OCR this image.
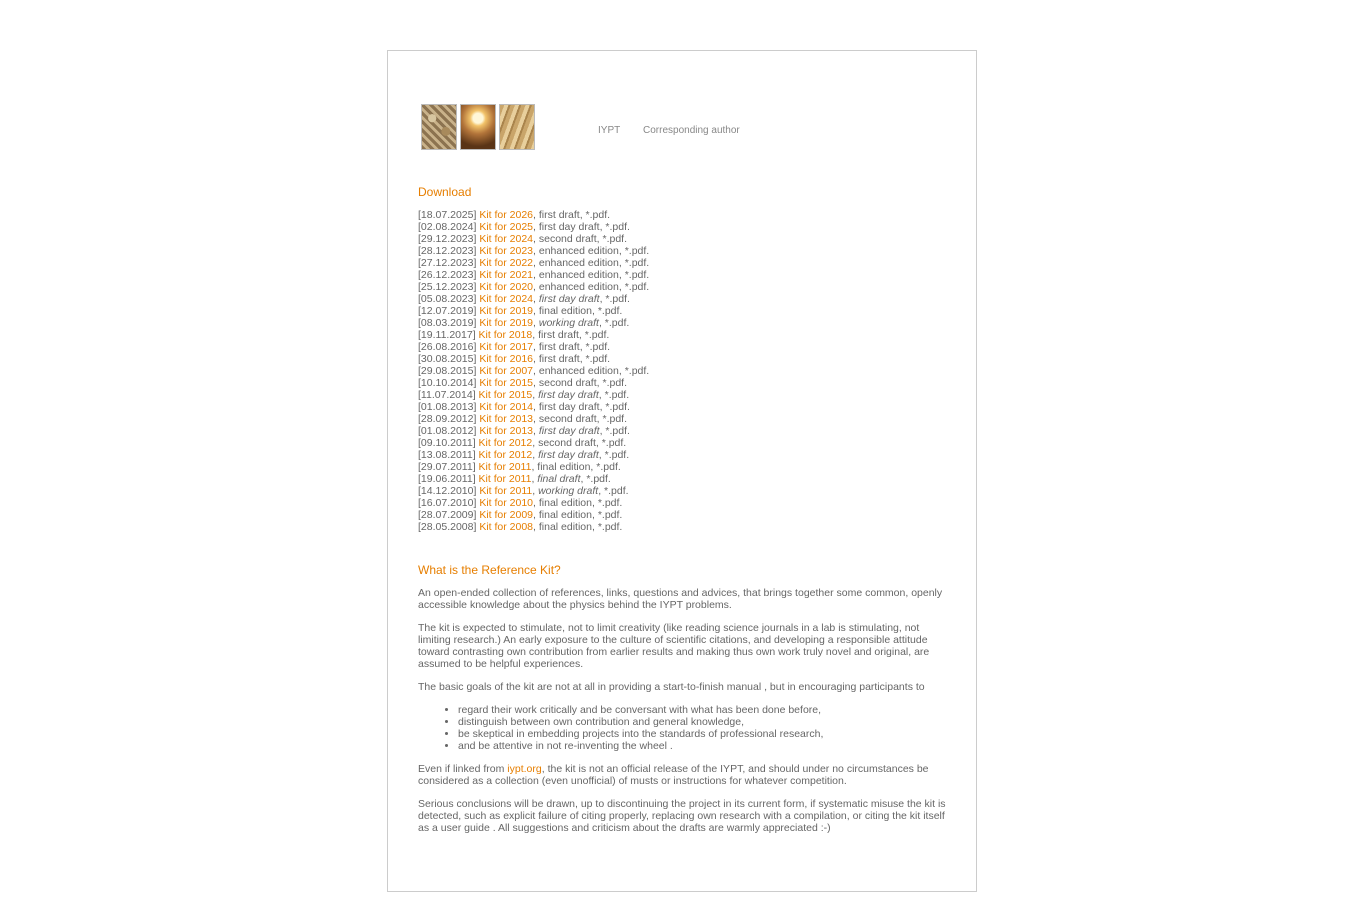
IYPT Corresponding author
Download
[18.07.2025] Kit for 2026, first draft, *.pdf.
[02.08.2024] Kit for 2025, first day draft, *.pdf.
[29.12.2023] Kit for 2024, second draft, *.pdf.
[28.12.2023] Kit for 2023, enhanced edition, *.pdf.
[27.12.2023] Kit for 2022, enhanced edition, *.pdf.
[26.12.2023] Kit for 2021, enhanced edition, *.pdf.
[25.12.2023] Kit for 2020, enhanced edition, *.pdf.
[05.08.2023] Kit for 2024, first day draft, *.pdf.
[12.07.2019] Kit for 2019, final edition, *.pdf.
[08.03.2019] Kit for 2019, working draft, *.pdf.
[19.11.2017] Kit for 2018, first draft, *.pdf.
[26.08.2016] Kit for 2017, first draft, *.pdf.
[30.08.2015] Kit for 2016, first draft, *.pdf.
[29.08.2015] Kit for 2007, enhanced edition, *.pdf.
[10.10.2014] Kit for 2015, second draft, *.pdf.
[11.07.2014] Kit for 2015, first day draft, *.pdf.
[01.08.2013] Kit for 2014, first day draft, *.pdf.
[28.09.2012] Kit for 2013, second draft, *.pdf.
[01.08.2012] Kit for 2013, first day draft, *.pdf.
[09.10.2011] Kit for 2012, second draft, *.pdf.
[13.08.2011] Kit for 2012, first day draft, *.pdf.
[29.07.2011] Kit for 2011, final edition, *.pdf.
[19.06.2011] Kit for 2011, final draft, *.pdf.
[14.12.2010] Kit for 2011, working draft, *.pdf.
[16.07.2010] Kit for 2010, final edition, *.pdf.
[28.07.2009] Kit for 2009, final edition, *.pdf.
[28.05.2008] Kit for 2008, final edition, *.pdf.
What is the Reference Kit?

An open-ended collection of references, links, questions and advices, that brings together some common, openly accessible knowledge about the physics behind the IYPT problems.

The kit is expected to stimulate, not to limit creativity (like reading science journals in a lab is stimulating, not limiting research.) An early exposure to the culture of scientific citations, and developing a responsible attitude toward contrasting own contribution from earlier results and making thus own work truly novel and original, are assumed to be helpful experiences.

The basic goals of the kit are not at all in providing a start-to-finish manual , but in encouraging participants to

• regard their work critically and be conversant with what has been done before,
• distinguish between own contribution and general knowledge,
• be skeptical in embedding projects into the standards of professional research,
• and be attentive in not re-inventing the wheel .

Even if linked from iypt.org, the kit is not an official release of the IYPT, and should under no circumstances be considered as a collection (even unofficial) of musts or instructions for whatever competition.

Serious conclusions will be drawn, up to discontinuing the project in its current form, if systematic misuse the kit is detected, such as explicit failure of citing properly, replacing own research with a compilation, or citing the kit itself as a user guide . All suggestions and criticism about the drafts are warmly appreciated :-)
